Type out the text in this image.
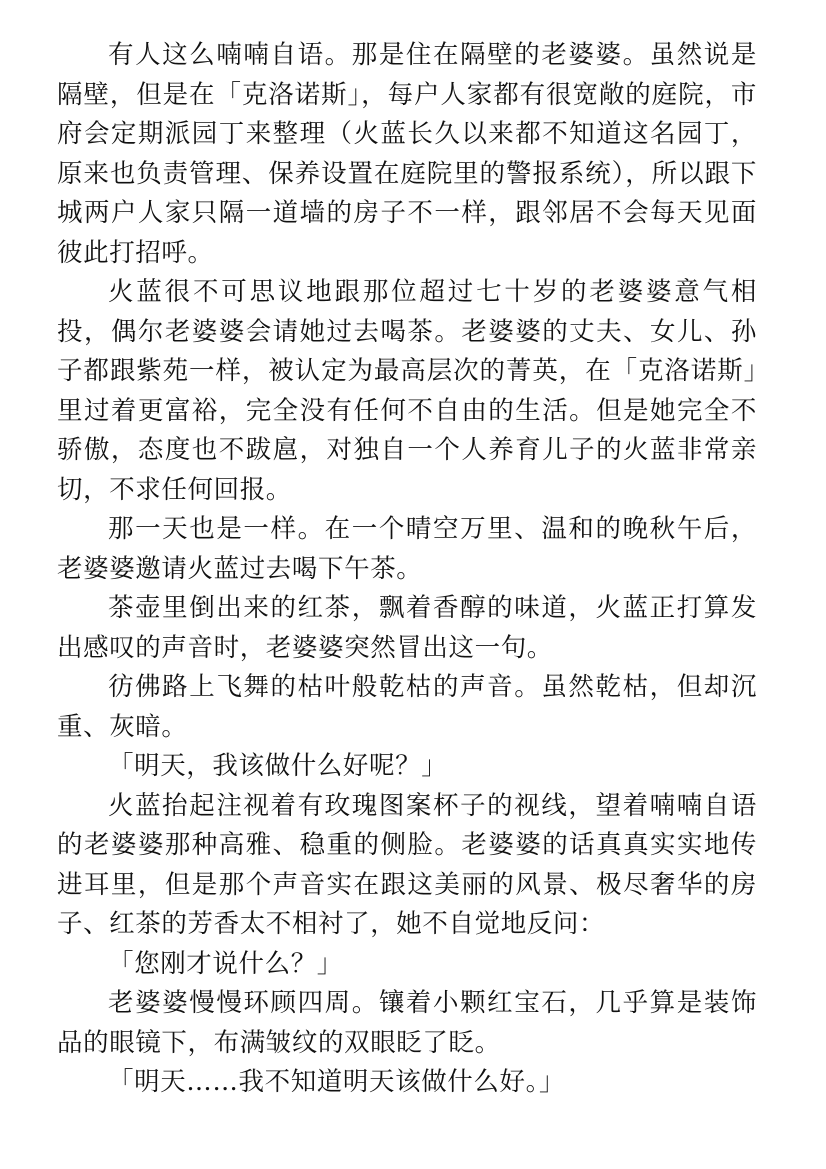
有人这么喃喃自语。那是住在隔壁的老婆婆。虽然说是隔壁，但是在「克洛诺斯」，每户人家都有很宽敞的庭院，市府会定期派园丁来整理（火蓝长久以来都不知道这名园丁，原来也负责管理、保养设置在庭院里的警报系统），所以跟下城两户人家只隔一道墙的房子不一样，跟邻居不会每天见面彼此打招呼。

火蓝很不可思议地跟那位超过七十岁的老婆婆意气相投，偶尔老婆婆会请她过去喝茶。老婆婆的丈夫、女儿、孙子都跟紫苑一样，被认定为最高层次的菁英，在「克洛诺斯」里过着更富裕，完全没有任何不自由的生活。但是她完全不骄傲，态度也不跋扈，对独自一个人养育儿子的火蓝非常亲切，不求任何回报。

那一天也是一样。在一个晴空万里、温和的晚秋午后，老婆婆邀请火蓝过去喝下午茶。

茶壶里倒出来的红茶，飘着香醇的味道，火蓝正打算发出感叹的声音时，老婆婆突然冒出这一句。

彷佛路上飞舞的枯叶般乾枯的声音。虽然乾枯，但却沉重、灰暗。

「明天，我该做什么好呢？」

火蓝抬起注视着有玫瑰图案杯子的视线，望着喃喃自语的老婆婆那种高雅、稳重的侧脸。老婆婆的话真真实实地传进耳里，但是那个声音实在跟这美丽的风景、极尽奢华的房子、红茶的芳香太不相衬了，她不自觉地反问：

「您刚才说什么？」

老婆婆慢慢环顾四周。镶着小颗红宝石，几乎算是装饰品的眼镜下，布满皱纹的双眼眨了眨。

「明天……我不知道明天该做什么好。」
